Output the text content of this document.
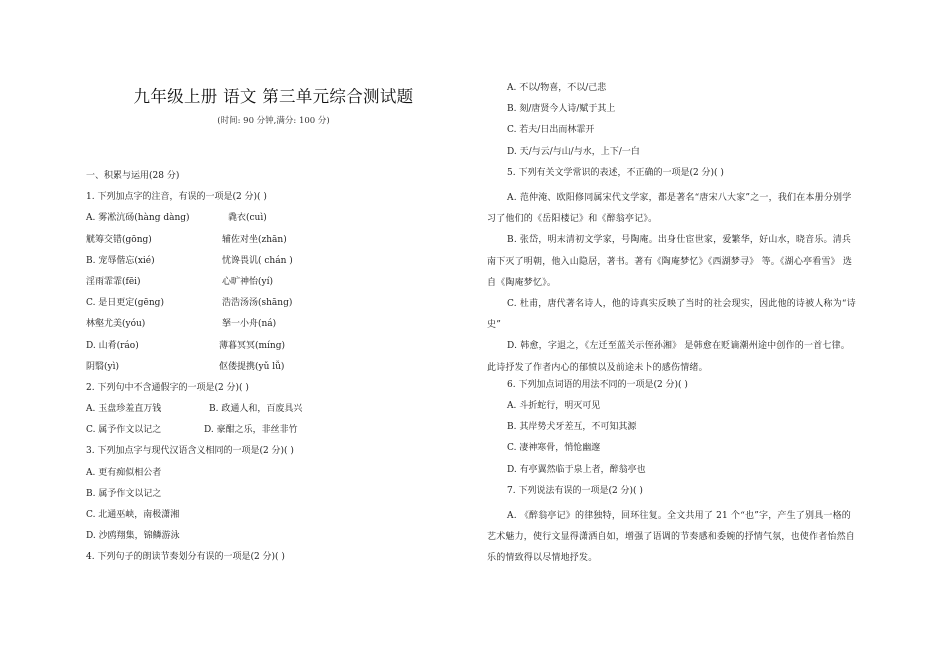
九年级上册 语文 第三单元综合测试题
(时间: 90 分钟,满分: 100 分)
一、积累与运用(28 分)
1. 下列加点字的注音，有误的一项是(2 分)( )
A. 雾凇沆砀(hàng dàng)	毳衣(cuì)
觥筹交错(gōng)	辅佐对坐(zhān)
B. 宠辱偕忘(xié)	忧谗畏讥( chán )
淫雨霏霏(fēi)	心旷神怡(yí)
C. 是日更定(gēng)	浩浩汤汤(shāng)
林壑尤美(yóu)	拏一小舟(ná)
D. 山肴(ráo)	薄暮冥冥(míng)
阴翳(yì)	伛偻提携(yǔ lǚ)
2. 下列句中不含通假字的一项是(2 分)( )
A. 玉盘珍羞直万钱	B. 政通人和，百废具兴
C. 属予作文以记之	D. 豪酣之乐，非丝非竹
3. 下列加点字与现代汉语含义相同的一项是(2 分)( )
A. 更有痴似相公者
B. 属予作文以记之
C. 北通巫峡，南极潇湘
D. 沙鸥翔集，锦鳞游泳
4. 下列句子的朗读节奏划分有误的一项是(2 分)( )
A. 不以/物喜，不以/己悲
B. 刻/唐贤今人诗/赋于其上
C. 若夫/日出而林霏开
D. 天/与云/与山/与水，上下/一白
5. 下列有关文学常识的表述，不正确的一项是(2 分)( )
A. 范仲淹、欧阳修同属宋代文学家，都是著名“唐宋八大家”之一，我们在本册分别学习了他们的《岳阳楼记》和《醉翁亭记》。
B. 张岱，明末清初文学家，号陶庵。出身仕宦世家，爱繁华，好山水，晓音乐。清兵南下灭了明朝，他入山隐居，著书。著有《陶庵梦忆》《西湖梦寻》 等。《湖心亭看雪》 选自《陶庵梦忆》。
C. 杜甫，唐代著名诗人，他的诗真实反映了当时的社会现实，因此他的诗被人称为“诗史”
D. 韩愈，字退之，《左迁至蓝关示侄孙湘》 是韩愈在贬谪潮州途中创作的一首七律。此诗抒发了作者内心的郁愤以及前途未卜的感伤情绪。
6. 下列加点词语的用法不同的一项是(2 分)( )
A. 斗折蛇行，明灭可见
B. 其岸势犬牙差互，不可知其源
C. 凄神寒骨，悄怆幽邃
D. 有亭翼然临于泉上者，醉翁亭也
7. 下列说法有误的一项是(2 分)( )
A. 《醉翁亭记》的律独特，回环往复。全文共用了 21 个“也”字，产生了别具一格的艺术魅力，使行文显得潇洒自如，增强了语调的节奏感和委婉的抒情气氛，也使作者怡然自乐的情致得以尽情地抒发。
